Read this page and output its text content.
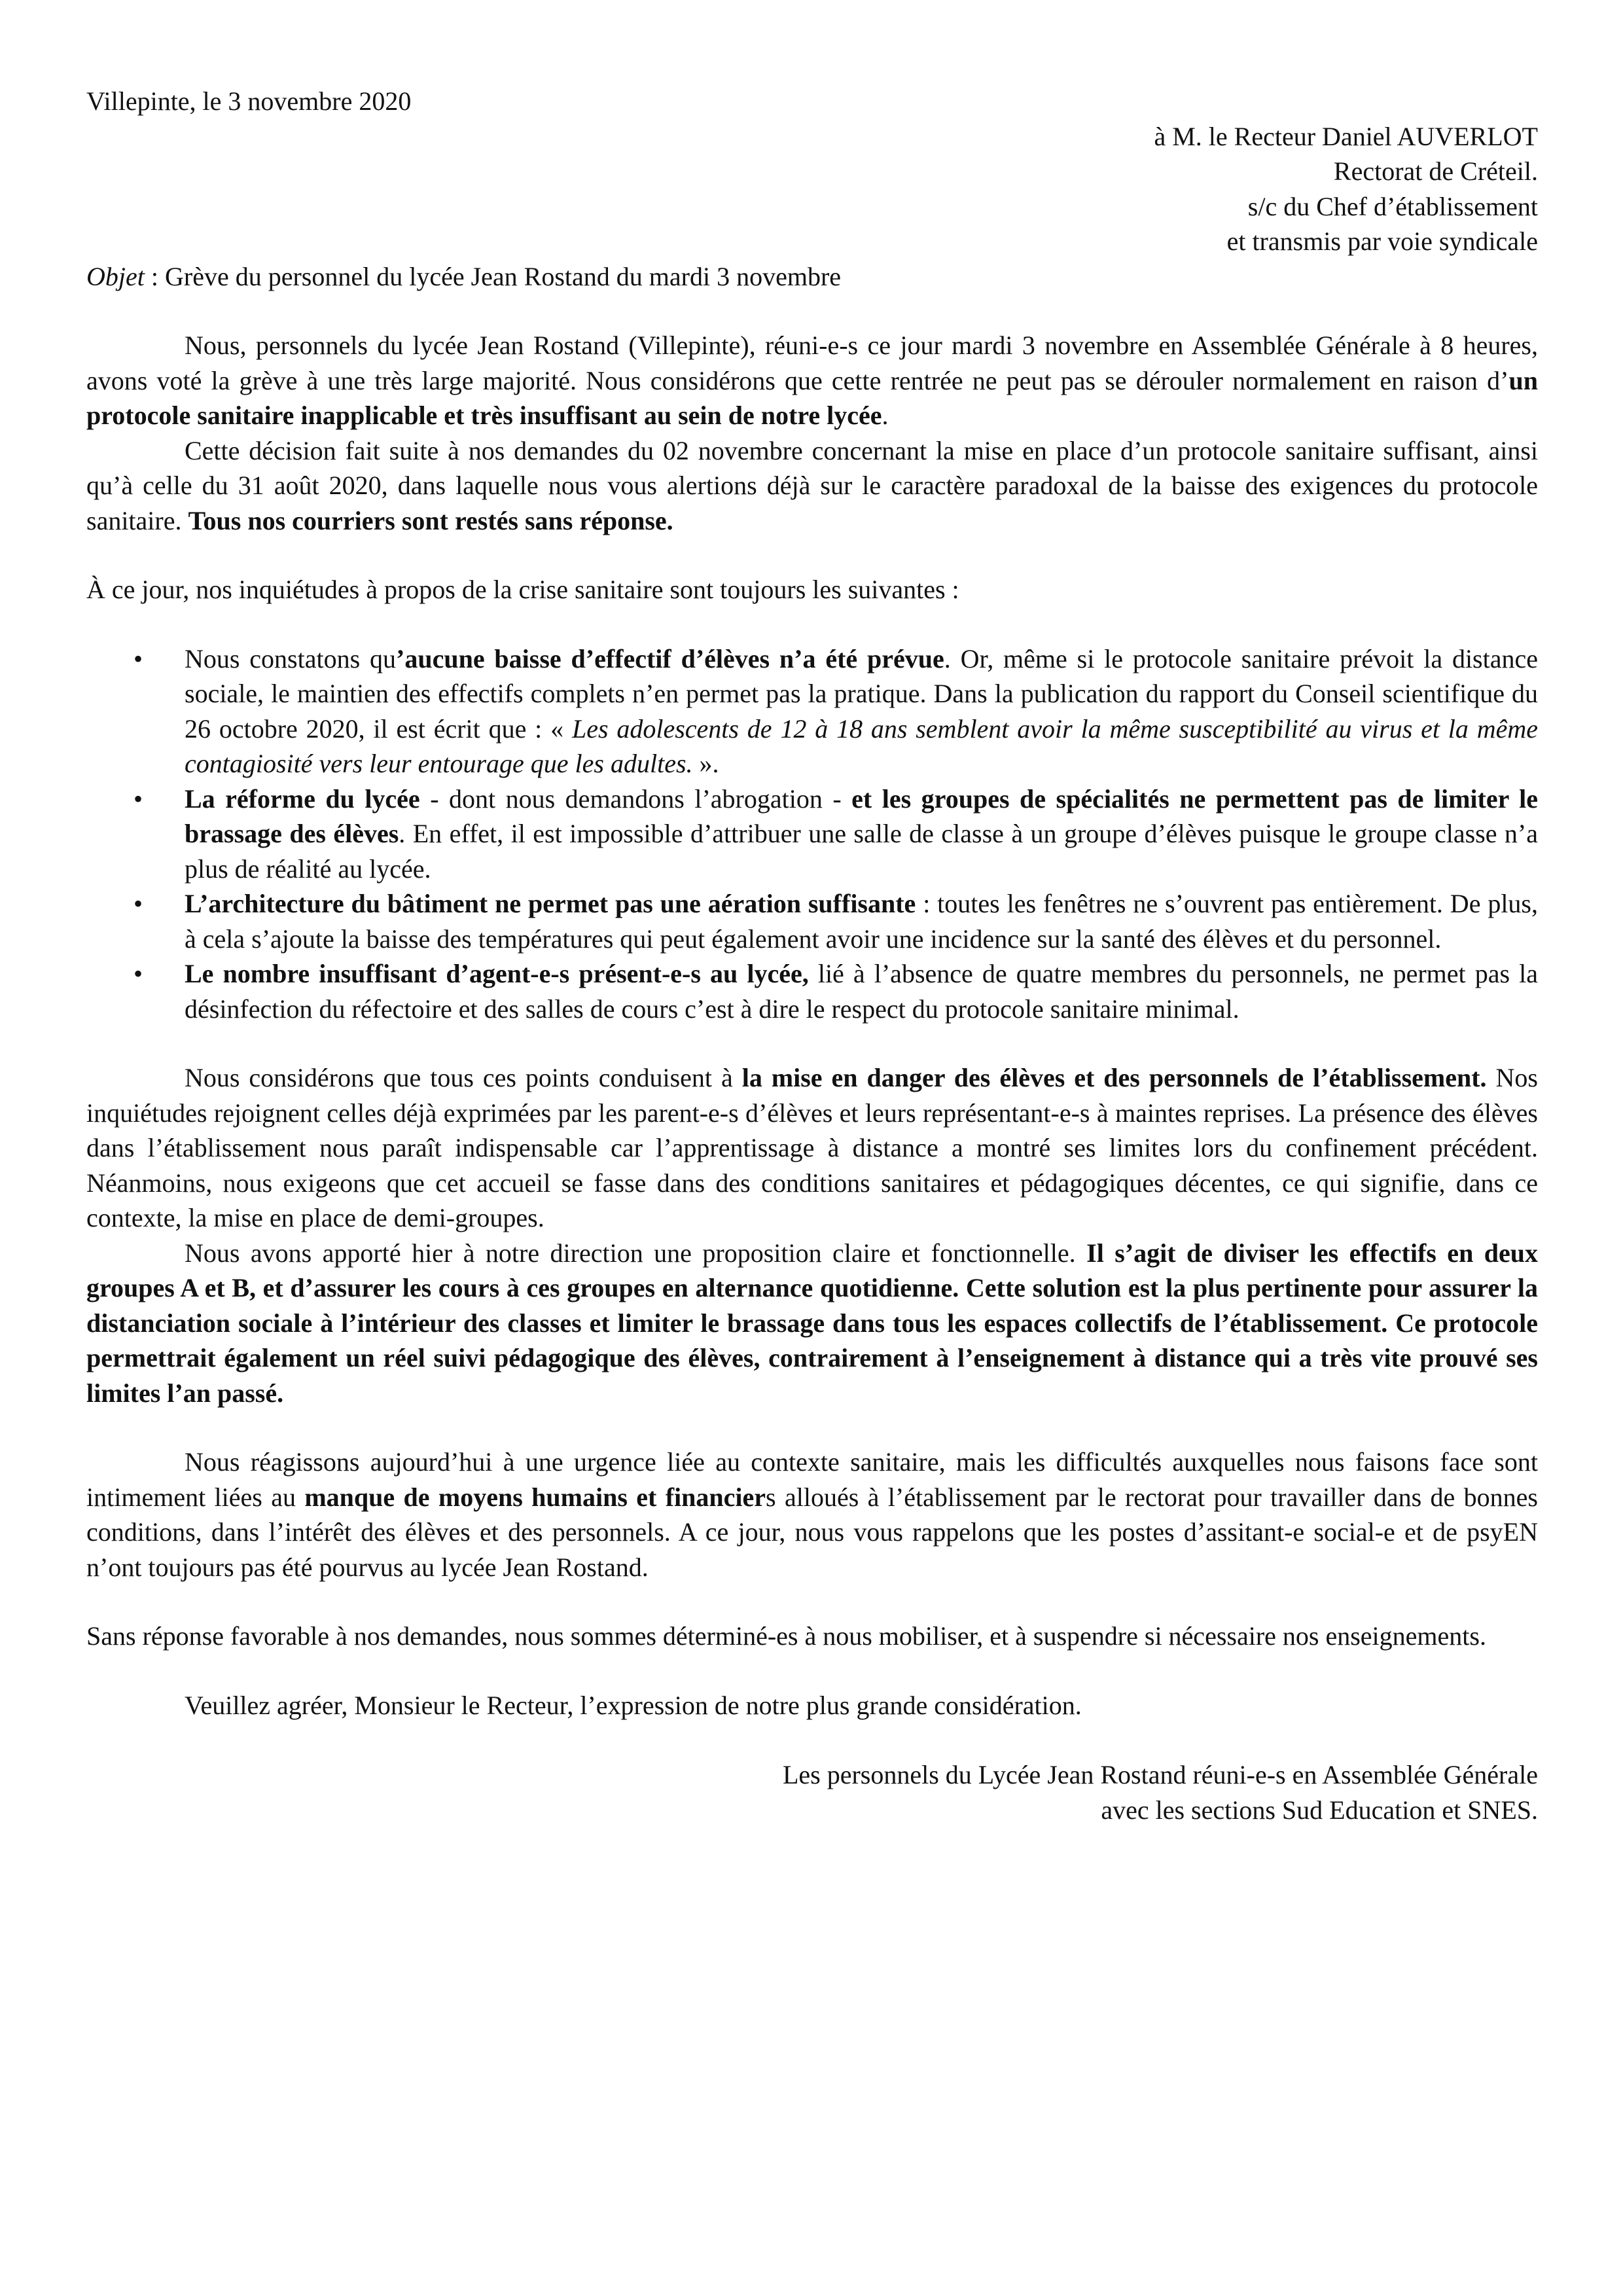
Villepinte, le 3 novembre 2020

à M. le Recteur Daniel AUVERLOT
Rectorat de Créteil.
s/c du Chef d’établissement
et transmis par voie syndicale

Objet : Grève du personnel du lycée Jean Rostand du mardi 3 novembre

Nous, personnels du lycée Jean Rostand (Villepinte), réuni-e-s ce jour mardi 3 novembre en Assemblée Générale à 8 heures, avons voté la grève à une très large majorité. Nous considérons que cette rentrée ne peut pas se dérouler normalement en raison d’un protocole sanitaire inapplicable et très insuffisant au sein de notre lycée.

Cette décision fait suite à nos demandes du 02 novembre concernant la mise en place d’un protocole sanitaire suffisant, ainsi qu’à celle du 31 août 2020, dans laquelle nous vous alertions déjà sur le caractère paradoxal de la baisse des exigences du protocole sanitaire. Tous nos courriers sont restés sans réponse.

À ce jour, nos inquiétudes à propos de la crise sanitaire sont toujours les suivantes :

• Nous constatons qu’aucune baisse d’effectif d’élèves n’a été prévue. Or, même si le protocole sanitaire prévoit la distance sociale, le maintien des effectifs complets n’en permet pas la pratique. Dans la publication du rapport du Conseil scientifique du 26 octobre 2020, il est écrit que : « Les adolescents de 12 à 18 ans semblent avoir la même susceptibilité au virus et la même contagiosité vers leur entourage que les adultes. ».
• La réforme du lycée - dont nous demandons l’abrogation - et les groupes de spécialités ne permettent pas de limiter le brassage des élèves. En effet, il est impossible d’attribuer une salle de classe à un groupe d’élèves puisque le groupe classe n’a plus de réalité au lycée.
• L’architecture du bâtiment ne permet pas une aération suffisante : toutes les fenêtres ne s’ouvrent pas entièrement. De plus, à cela s’ajoute la baisse des températures qui peut également avoir une incidence sur la santé des élèves et du personnel.
• Le nombre insuffisant d’agent-e-s présent-e-s au lycée, lié à l’absence de quatre membres du personnels, ne permet pas la désinfection du réfectoire et des salles de cours c’est à dire le respect du protocole sanitaire minimal.

Nous considérons que tous ces points conduisent à la mise en danger des élèves et des personnels de l’établissement. Nos inquiétudes rejoignent celles déjà exprimées par les parent-e-s d’élèves et leurs représentant-e-s à maintes reprises. La présence des élèves dans l’établissement nous paraît indispensable car l’apprentissage à distance a montré ses limites lors du confinement précédent. Néanmoins, nous exigeons que cet accueil se fasse dans des conditions sanitaires et pédagogiques décentes, ce qui signifie, dans ce contexte, la mise en place de demi-groupes.

Nous avons apporté hier à notre direction une proposition claire et fonctionnelle. Il s’agit de diviser les effectifs en deux groupes A et B, et d’assurer les cours à ces groupes en alternance quotidienne. Cette solution est la plus pertinente pour assurer la distanciation sociale à l’intérieur des classes et limiter le brassage dans tous les espaces collectifs de l’établissement. Ce protocole permettrait également un réel suivi pédagogique des élèves, contrairement à l’enseignement à distance qui a très vite prouvé ses limites l’an passé.

Nous réagissons aujourd’hui à une urgence liée au contexte sanitaire, mais les difficultés auxquelles nous faisons face sont intimement liées au manque de moyens humains et financiers alloués à l’établissement par le rectorat pour travailler dans de bonnes conditions, dans l’intérêt des élèves et des personnels. A ce jour, nous vous rappelons que les postes d’assitant-e social-e et de psyEN n’ont toujours pas été pourvus au lycée Jean Rostand.

Sans réponse favorable à nos demandes, nous sommes déterminé-es à nous mobiliser, et à suspendre si nécessaire nos enseignements.

Veuillez agréer, Monsieur le Recteur, l’expression de notre plus grande considération.

Les personnels du Lycée Jean Rostand réuni-e-s en Assemblée Générale
avec les sections Sud Education et SNES.
